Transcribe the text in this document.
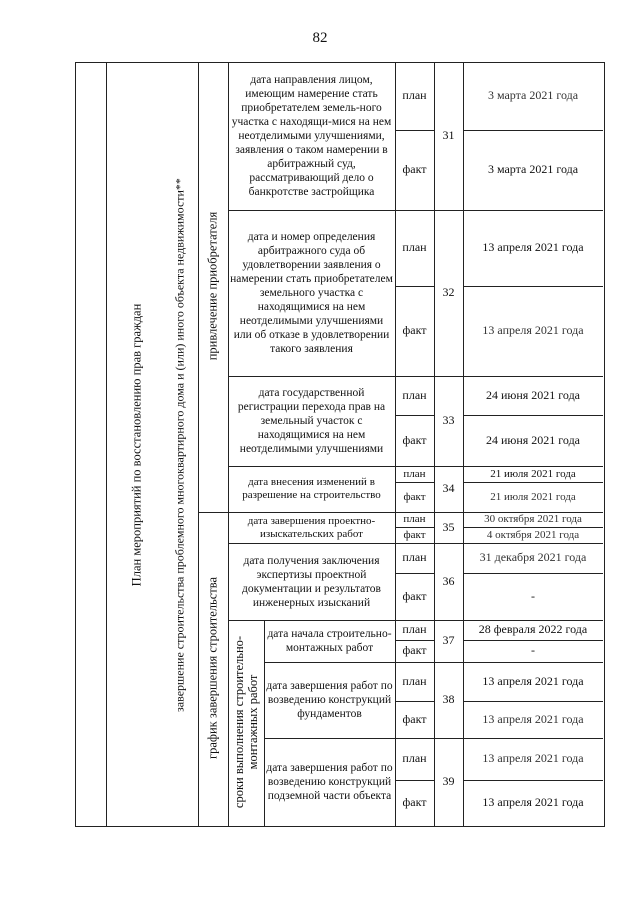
82
План мероприятий по восстановлению прав граждан завершение строительства проблемного многоквартирного дома и (или) иного объекта недвижимости** привлечение приобретателя
график завершения строительства сроки выполнения строительно-монтажных работ
дата направления лицом, имеющим намерение стать приобретателем земель-ного участка с находящи-мися на нем неотделимыми улучшениями, заявления о таком намерении в арбитражный суд, рассматривающий дело о банкротстве застройщика
план
факт
31
3 марта 2021 года
3 марта 2021 года
дата и номер определения арбитражного суда об удовлетворении заявления о намерении стать приобретателем земельного участка с находящимися на нем неотделимыми улучшениями или об отказе в удовлетворении такого заявления
план
факт
32
13 апреля 2021 года
13 апреля 2021 года
дата государственной регистрации перехода прав на земельный участок с находящимися на нем неотделимыми улучшениями
план
факт
33
24 июня 2021 года
24 июня 2021 года
дата внесения изменений в разрешение на строительство
план
факт
34
21 июля 2021 года
21 июля 2021 года
дата завершения проектно-изыскательских работ
план
факт
35
30 октября 2021 года
4 октября 2021 года
дата получения заключения экспертизы проектной документации и результатов инженерных изысканий
план
факт
36
31 декабря 2021 года
-
дата начала строительно-монтажных работ
план
факт
37
28 февраля 2022 года
-
дата завершения работ по возведению конструкций фундаментов
план
факт
38
13 апреля 2021 года
13 апреля 2021 года
дата завершения работ по возведению конструкций подземной части объекта
план
факт
39
13 апреля 2021 года
13 апреля 2021 года
